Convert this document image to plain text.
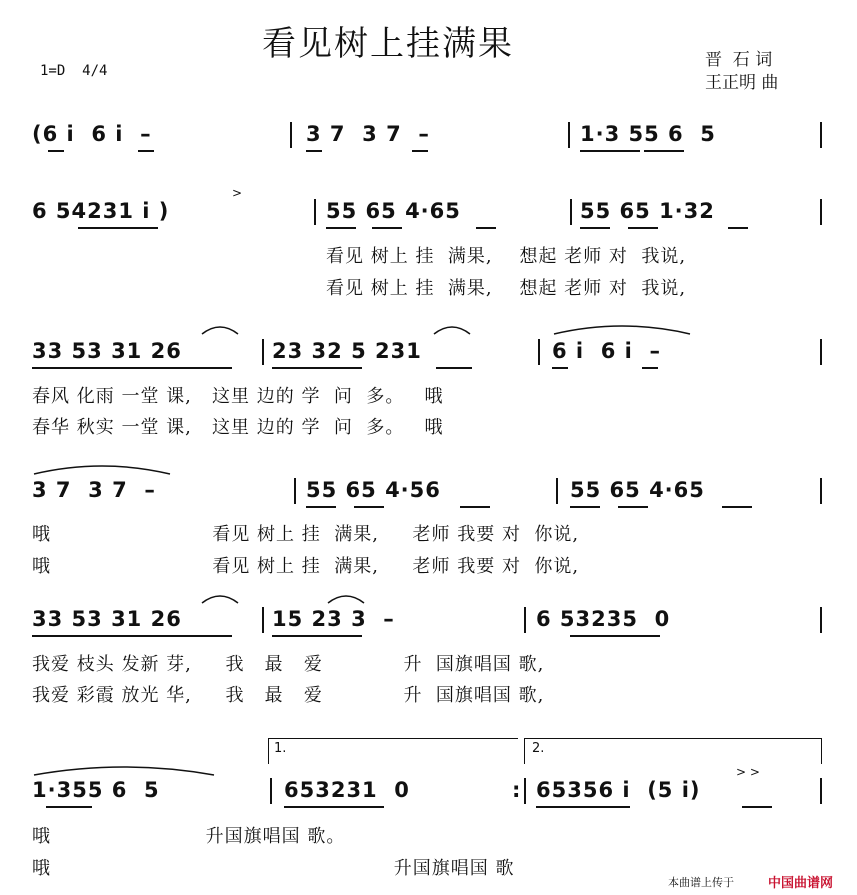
看见树上挂满果
1=D  4/4
晋  石 词
王正明 曲
(6 i  6 i  –	3 7  3 7  –	1·3 55 6  5
6 54231 i )	55 65 4·65	55 65 1·32
>
看见 树上 挂  满果,    想起 老师 对  我说,
看见 树上 挂  满果,    想起 老师 对  我说,
33 53 31 26	23 32 5 231	6 i  6 i  –
春风 化雨 一堂 课,   这里 边的 学  问  多。   哦
春华 秋实 一堂 课,   这里 边的 学  问  多。   哦
3 7  3 7  –	55 65 4·56	55 65 4·65
哦                        看见 树上 挂  满果,     老师 我要 对  你说,
哦                        看见 树上 挂  满果,     老师 我要 对  你说,
33 53 31 26	15 23 3  –	6 53235  0
我爱 枝头 发新 芽,     我   最   爱            升  国旗唱国 歌,
我爱 彩霞 放光 华,     我   最   爱            升  国旗唱国 歌,
1.	2.
1·355 6  5	653231  0	65356 i  (5 i)
> >
:
哦                       升国旗唱国 歌。
哦                                                   升国旗唱国 歌
本曲谱上传于	中国曲谱网
